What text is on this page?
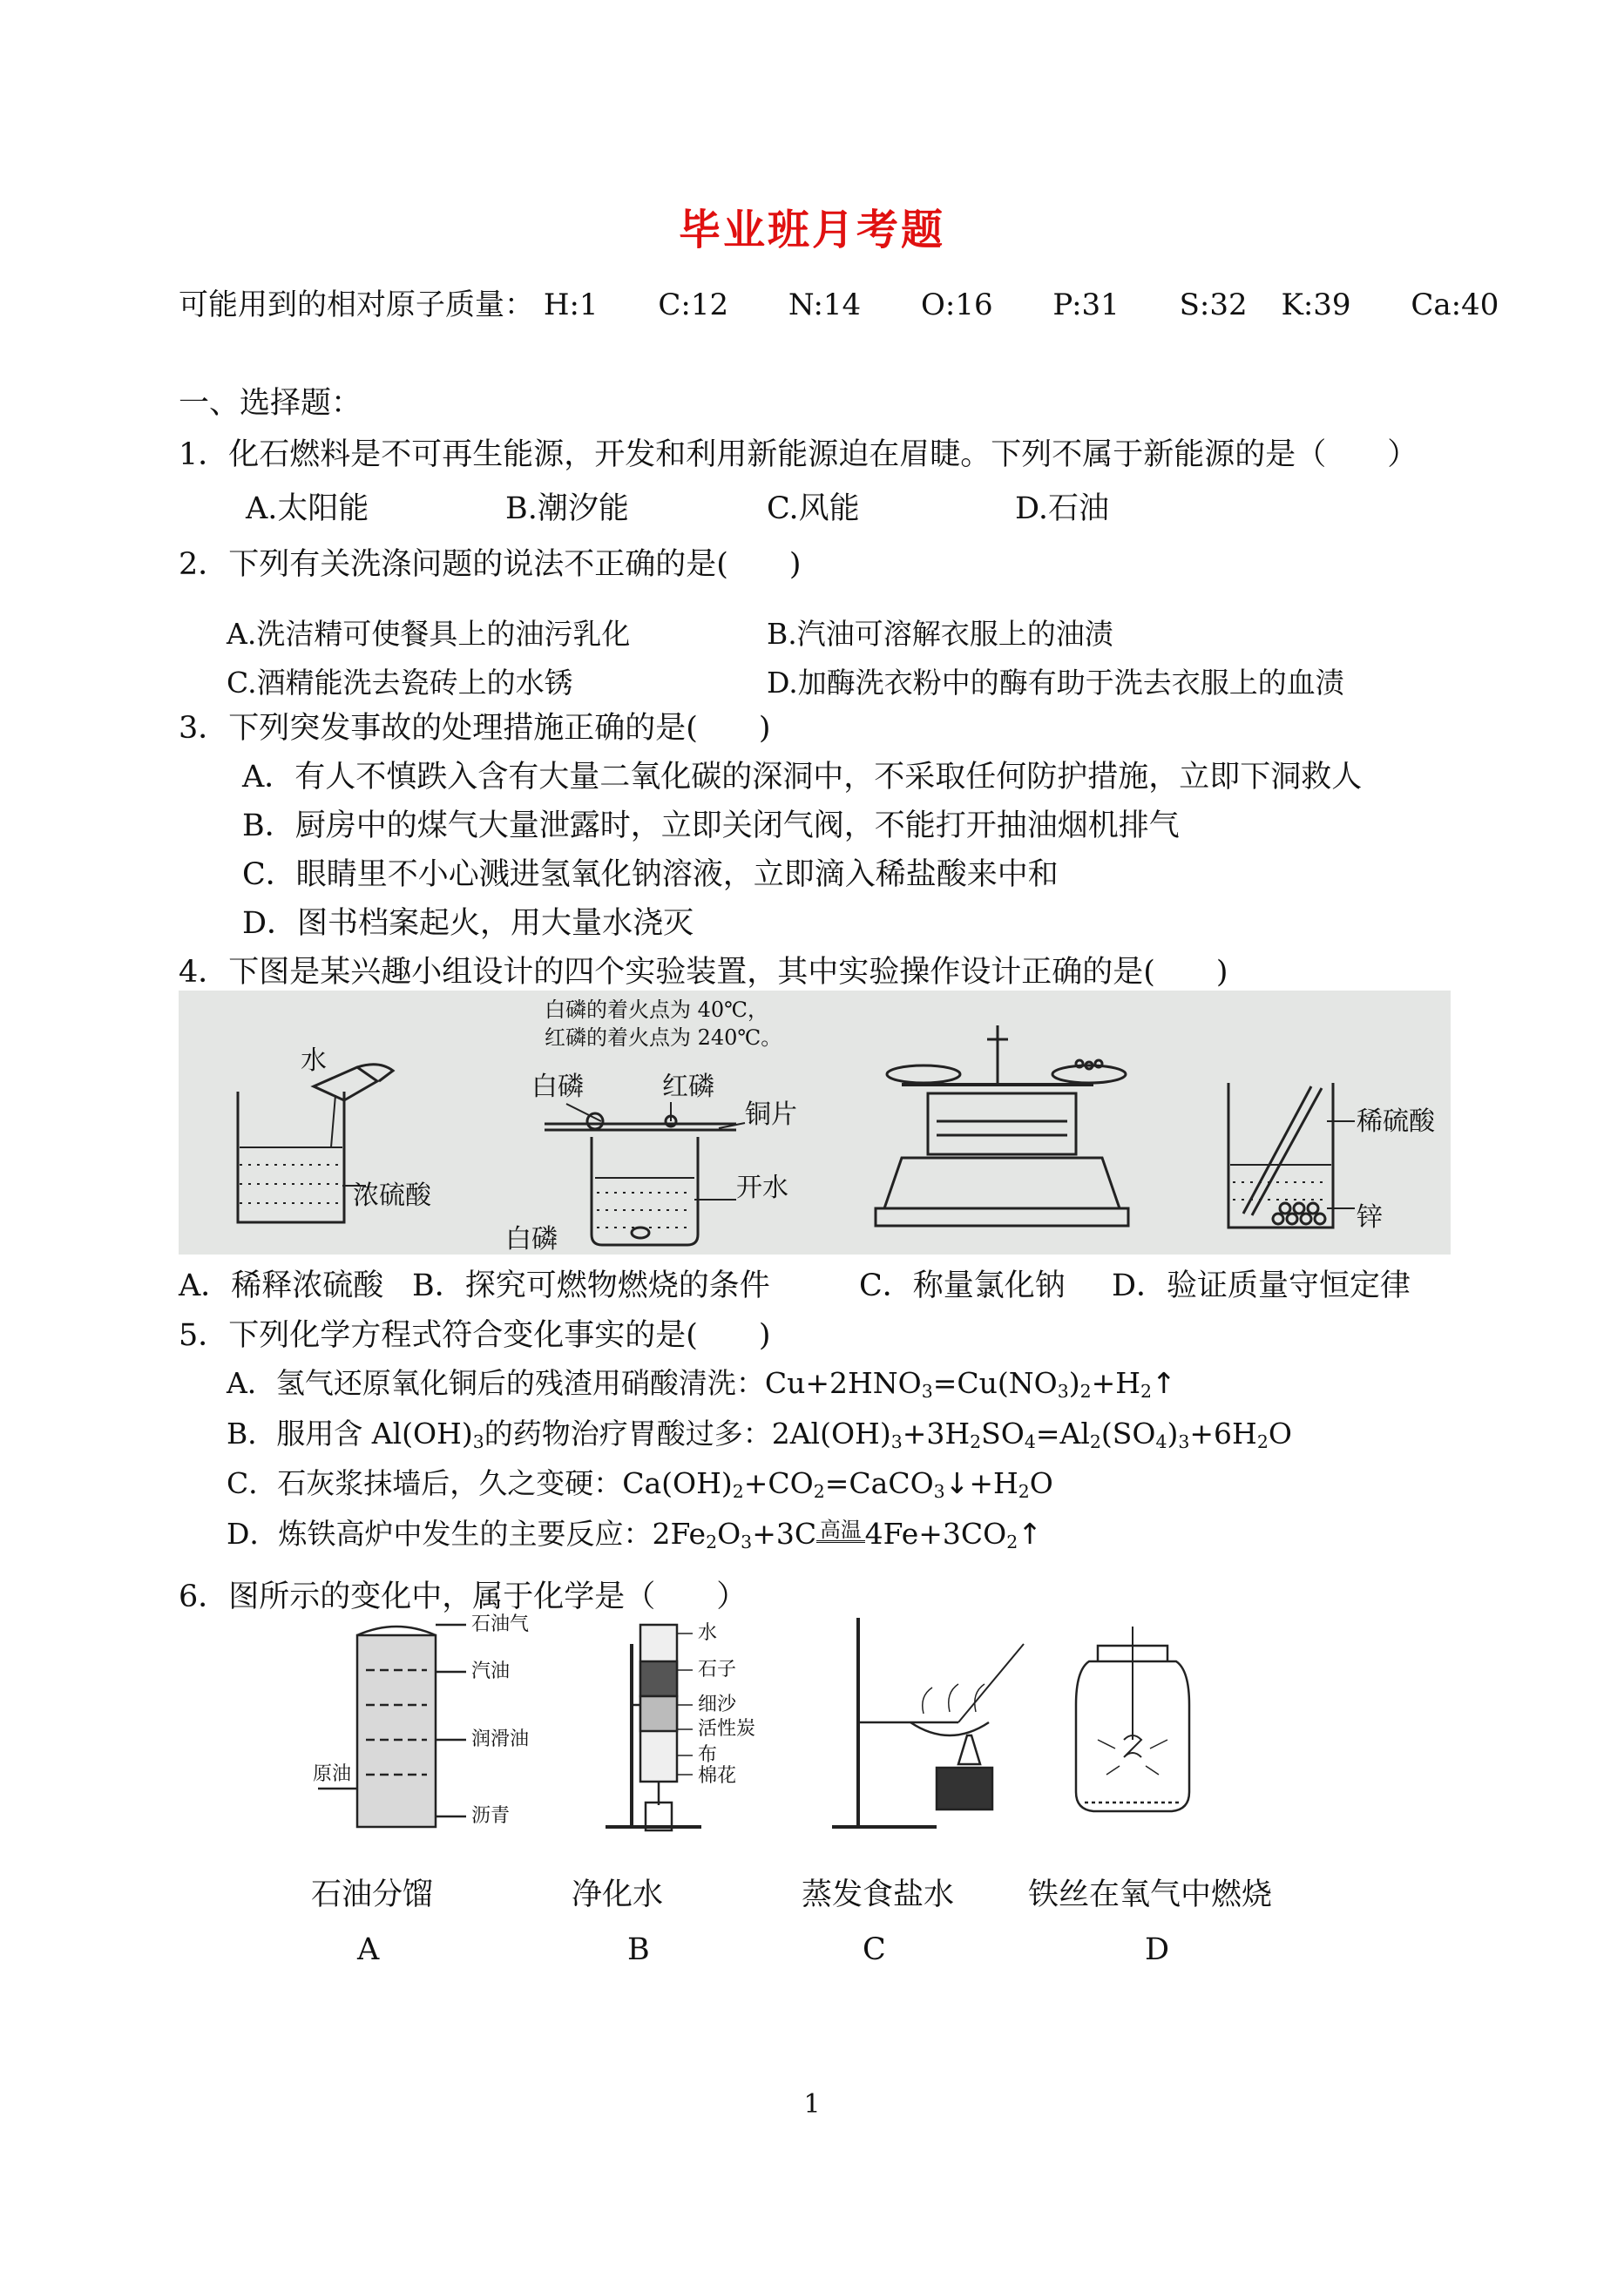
毕业班月考题
可能用到的相对原子质量： H:1 C:12 N:14 O:16 P:31 S:32 K:39 Ca:40
一、选择题：
1．化石燃料是不可再生能源，开发和利用新能源迫在眉睫。下列不属于新能源的是（　　）
A.太阳能	B.潮汐能	C.风能	D.石油
2．下列有关洗涤问题的说法不正确的是(　　)
A.洗洁精可使餐具上的油污乳化	B.汽油可溶解衣服上的油渍
C.酒精能洗去瓷砖上的水锈	D.加酶洗衣粉中的酶有助于洗去衣服上的血渍
3．下列突发事故的处理措施正确的是(　　)
A．有人不慎跌入含有大量二氧化碳的深洞中，不采取任何防护措施，立即下洞救人
B．厨房中的煤气大量泄露时，立即关闭气阀，不能打开抽油烟机排气
C．眼睛里不小心溅进氢氧化钠溶液，立即滴入稀盐酸来中和
D．图书档案起火，用大量水浇灭
4．下图是某兴趣小组设计的四个实验装置，其中实验操作设计正确的是(　　)
水
浓硫酸
白磷的着火点为 40℃，
红磷的着火点为 240℃。
白磷	红磷
铜片
开水
白磷
稀硫酸
锌
A．稀释浓硫酸 B．探究可燃物燃烧的条件	C．称量氯化钠 D．验证质量守恒定律
5．下列化学方程式符合变化事实的是(　　)
A．氢气还原氧化铜后的残渣用硝酸清洗：$Cu+2HNO_3=Cu(NO_3)_2+H_2↑$
B．服用含 $Al(OH)_3$的药物治疗胃酸过多：$2Al(OH)_3+3H_2SO_4=Al_2(SO_4)_3+6H_2O$
C．石灰浆抹墙后，久之变硬：$Ca(OH)_2+CO_2=CaCO_3↓+H_2O$
D．炼铁高炉中发生的主要反应：$2Fe_2O_3+3C$ 高温 $4Fe+3CO_2↑$
6．图所示的变化中，属于化学是（　　）
石油气
汽油
润滑油
原油
沥青
水
石子
细沙
活性炭
布
棉花
石油分馏	净化水	蒸发食盐水 铁丝在氧气中燃烧
A	B	C	D
1
